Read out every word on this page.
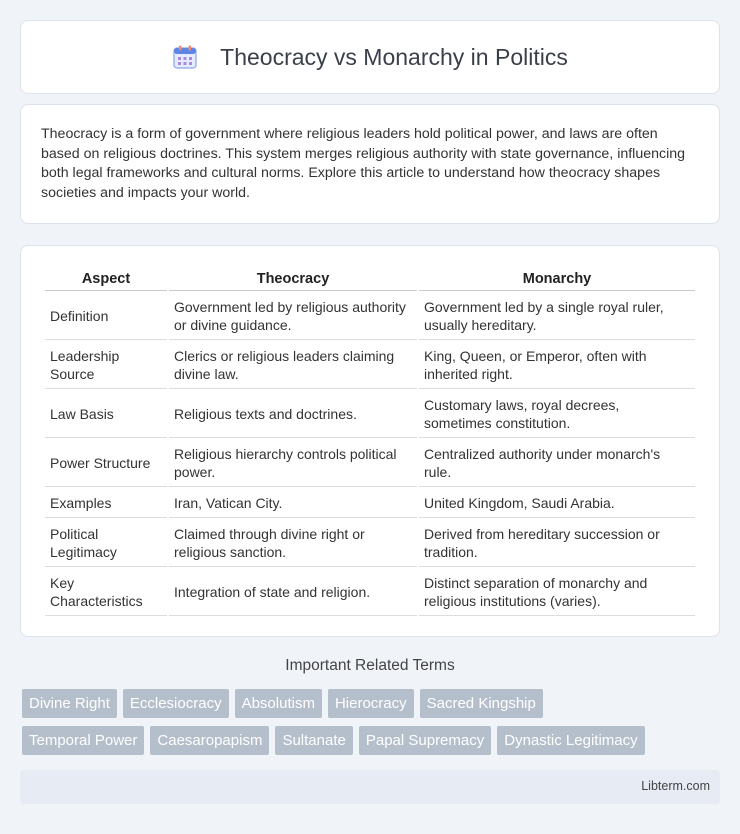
Theocracy vs Monarchy in Politics

Theocracy is a form of government where religious leaders hold political power, and laws are often based on religious doctrines. This system merges religious authority with state governance, influencing both legal frameworks and cultural norms. Explore this article to understand how theocracy shapes societies and impacts your world.

Aspect	Theocracy	Monarchy
Definition	Government led by religious authority or divine guidance.	Government led by a single royal ruler, usually hereditary.
Leadership Source	Clerics or religious leaders claiming divine law.	King, Queen, or Emperor, often with inherited right.
Law Basis	Religious texts and doctrines.	Customary laws, royal decrees, sometimes constitution.
Power Structure	Religious hierarchy controls political power.	Centralized authority under monarch's rule.
Examples	Iran, Vatican City.	United Kingdom, Saudi Arabia.
Political Legitimacy	Claimed through divine right or religious sanction.	Derived from hereditary succession or tradition.
Key Characteristics	Integration of state and religion.	Distinct separation of monarchy and religious institutions (varies).
Important Related Terms
Divine Right	Ecclesiocracy	Absolutism	Hierocracy	Sacred Kingship
Temporal Power	Caesaropapism	Sultanate	Papal Supremacy	Dynastic Legitimacy
Libterm.com
